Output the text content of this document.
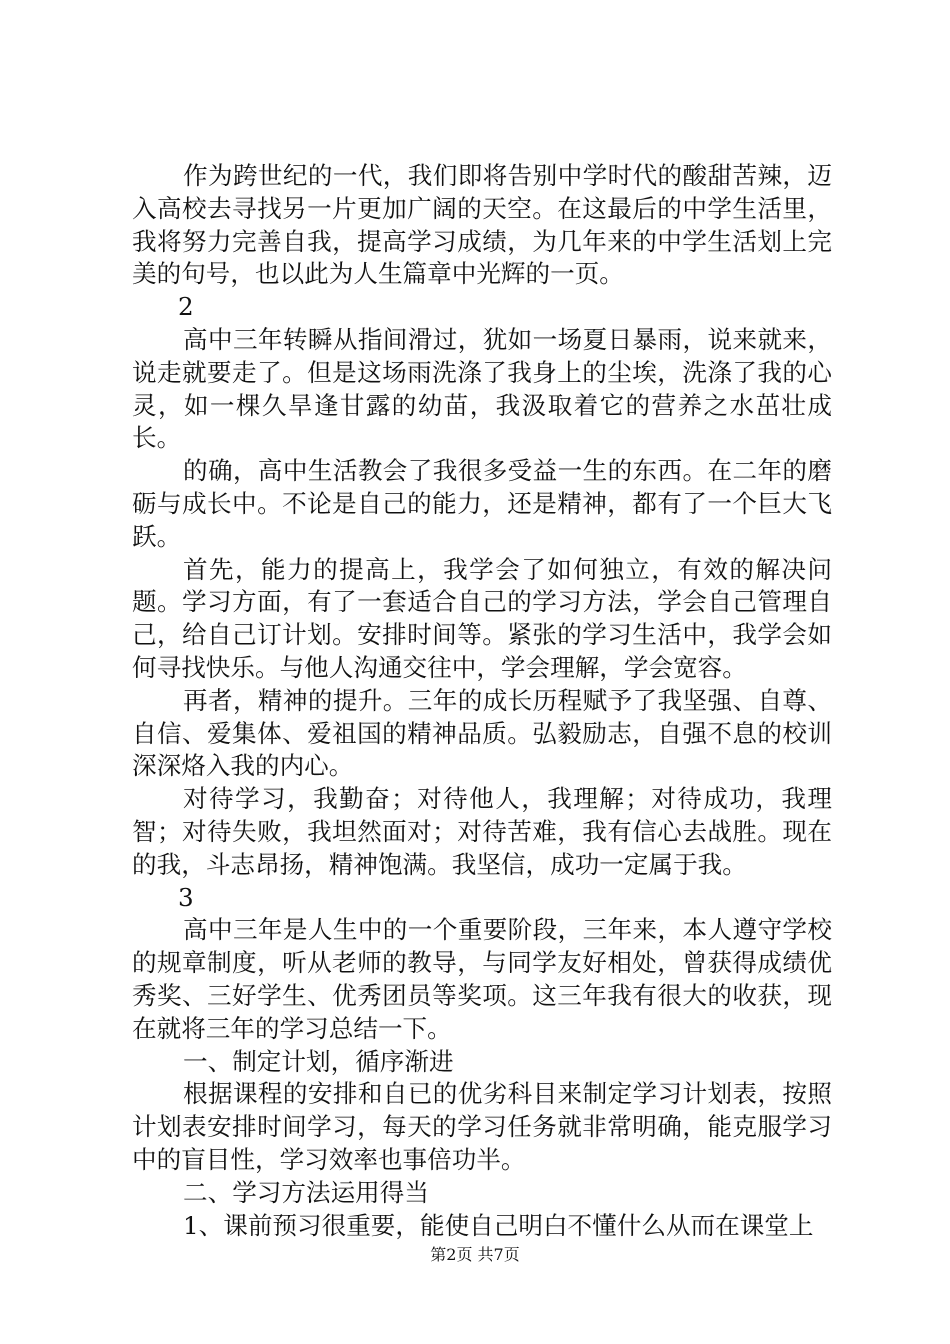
作为跨世纪的一代，我们即将告别中学时代的酸甜苦辣，迈入高校去寻找另一片更加广阔的天空。在这最后的中学生活里，我将努力完善自我，提高学习成绩，为几年来的中学生活划上完美的句号，也以此为人生篇章中光辉的一页。

2

高中三年转瞬从指间滑过，犹如一场夏日暴雨，说来就来，说走就要走了。但是这场雨洗涤了我身上的尘埃，洗涤了我的心灵，如一棵久旱逢甘露的幼苗，我汲取着它的营养之水茁壮成长。

的确，高中生活教会了我很多受益一生的东西。在二年的磨砺与成长中。不论是自己的能力，还是精神，都有了一个巨大飞跃。

首先，能力的提高上，我学会了如何独立，有效的解决问题。学习方面，有了一套适合自己的学习方法，学会自己管理自己，给自己订计划。安排时间等。紧张的学习生活中，我学会如何寻找快乐。与他人沟通交往中，学会理解，学会宽容。

再者，精神的提升。三年的成长历程赋予了我坚强、自尊、自信、爱集体、爱祖国的精神品质。弘毅励志，自强不息的校训深深烙入我的内心。

对待学习，我勤奋；对待他人，我理解；对待成功，我理智；对待失败，我坦然面对；对待苦难，我有信心去战胜。现在的我，斗志昂扬，精神饱满。我坚信，成功一定属于我。

3

高中三年是人生中的一个重要阶段，三年来，本人遵守学校的规章制度，听从老师的教导，与同学友好相处，曾获得成绩优秀奖、三好学生、优秀团员等奖项。这三年我有很大的收获，现在就将三年的学习总结一下。

一、制定计划，循序渐进

根据课程的安排和自已的优劣科目来制定学习计划表，按照计划表安排时间学习，每天的学习任务就非常明确，能克服学习中的盲目性，学习效率也事倍功半。

二、学习方法运用得当

1、课前预习很重要，能使自己明白不懂什么从而在课堂上

第2页 共7页
